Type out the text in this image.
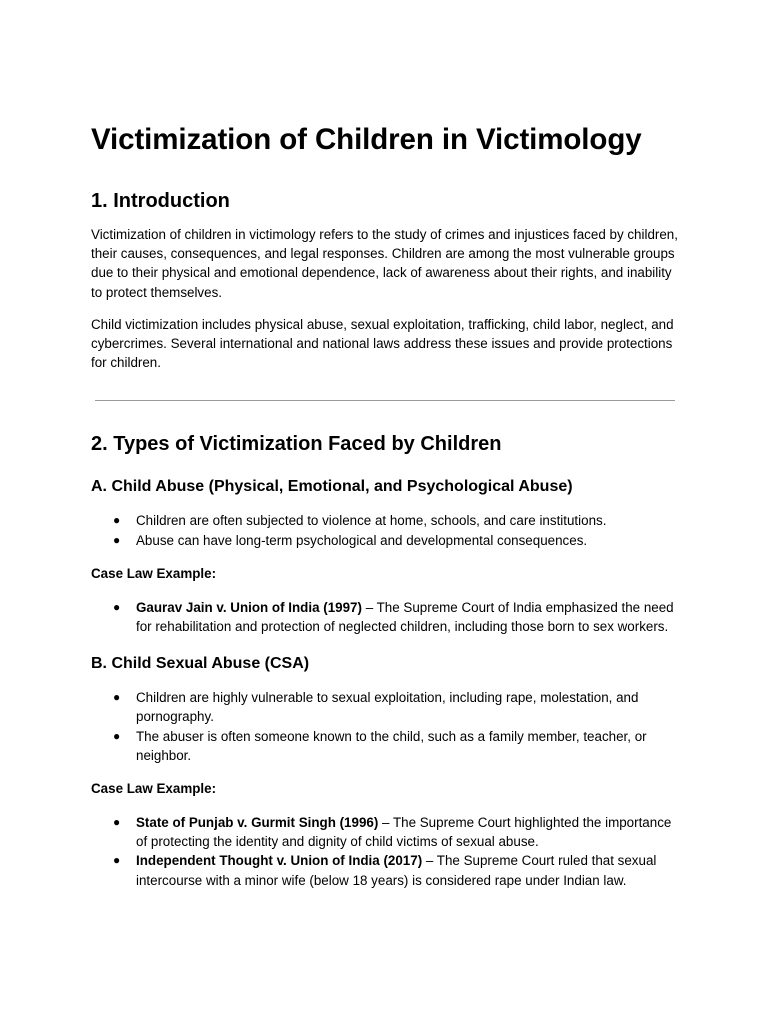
Victimization of Children in Victimology
1. Introduction

Victimization of children in victimology refers to the study of crimes and injustices faced by children, their causes, consequences, and legal responses. Children are among the most vulnerable groups due to their physical and emotional dependence, lack of awareness about their rights, and inability to protect themselves.

Child victimization includes physical abuse, sexual exploitation, trafficking, child labor, neglect, and cybercrimes. Several international and national laws address these issues and provide protections for children.

2. Types of Victimization Faced by Children
A. Child Abuse (Physical, Emotional, and Psychological Abuse)
● Children are often subjected to violence at home, schools, and care institutions.
● Abuse can have long-term psychological and developmental consequences.

Case Law Example:

● Gaurav Jain v. Union of India (1997) – The Supreme Court of India emphasized the need for rehabilitation and protection of neglected children, including those born to sex workers.
B. Child Sexual Abuse (CSA)
● Children are highly vulnerable to sexual exploitation, including rape, molestation, and pornography.
● The abuser is often someone known to the child, such as a family member, teacher, or neighbor.

Case Law Example:

● State of Punjab v. Gurmit Singh (1996) – The Supreme Court highlighted the importance of protecting the identity and dignity of child victims of sexual abuse.
● Independent Thought v. Union of India (2017) – The Supreme Court ruled that sexual intercourse with a minor wife (below 18 years) is considered rape under Indian law.
